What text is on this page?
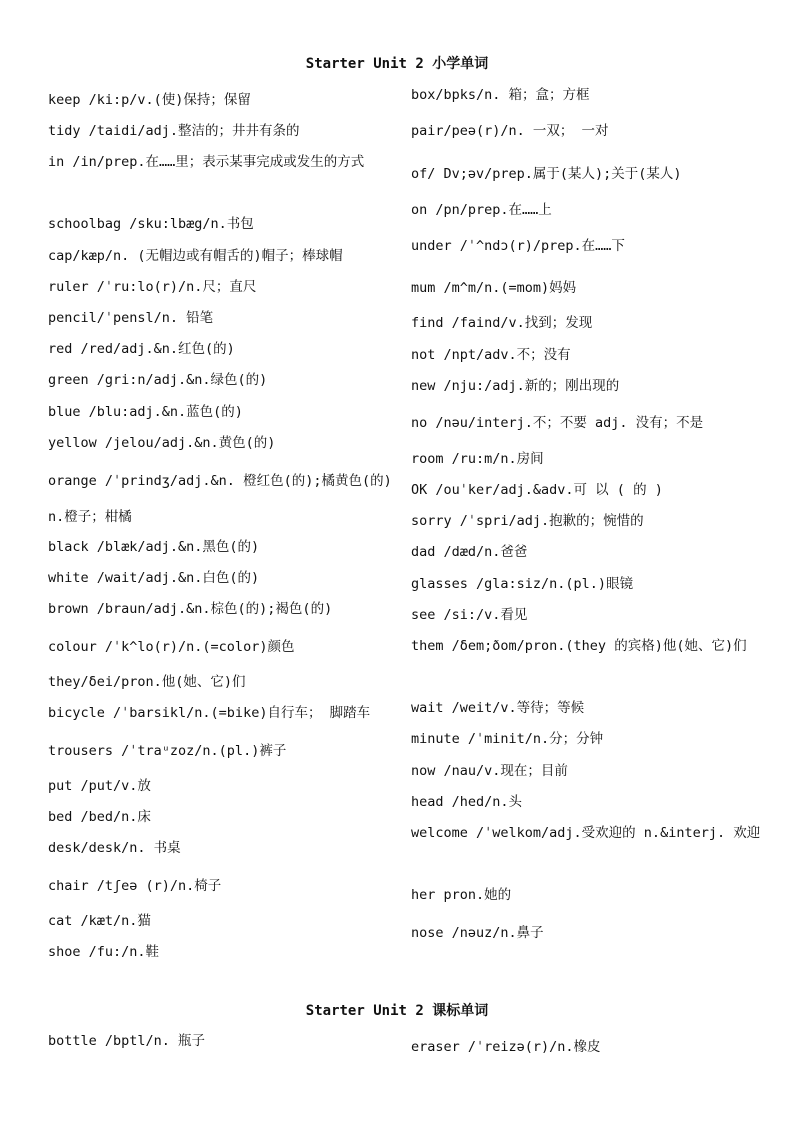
Starter Unit 2 小学单词
keep /ki:p/v.(使)保持；保留
tidy /taidi/adj.整洁的；井井有条的
in /in/prep.在……里；表示某事完成或发生的方式
schoolbag /sku:lbæg/n.书包
cap/kæp/n. (无帽边或有帽舌的)帽子；棒球帽
ruler /ˈru:lo(r)/n.尺；直尺
pencil/ˈpensl/n. 铅笔
red /red/adj.&n.红色(的)
green /gri:n/adj.&n.绿色(的)
blue /blu:adj.&n.蓝色(的)
yellow /jelou/adj.&n.黄色(的)
orange /ˈprindʒ/adj.&n. 橙红色(的);橘黄色(的) n.橙子；柑橘
black /blæk/adj.&n.黑色(的)
white /wait/adj.&n.白色(的)
brown /braun/adj.&n.棕色(的);褐色(的)
colour /ˈk^lo(r)/n.(=color)颜色
they/δei/pron.他(她、它)们
bicycle /ˈbarsikl/n.(=bike)自行车； 脚踏车
trousers /ˈtraᵘzoz/n.(pl.)裤子
put /put/v.放
bed /bed/n.床
desk/desk/n. 书桌
chair /tʃeə (r)/n.椅子
cat /kæt/n.猫
shoe /fu:/n.鞋
box/bpks/n. 箱；盒；方框
pair/peə(r)/n. 一双； 一对
of/ Dv;əv/prep.属于(某人);关于(某人)
on /pn/prep.在……上
under /ˈ^ndɔ(r)/prep.在……下
mum /m^m/n.(=mom)妈妈
find /faind/v.找到；发现
not /npt/adv.不；没有
new /nju:/adj.新的；刚出现的
no /nəu/interj.不；不要 adj. 没有；不是
room /ru:m/n.房间
OK /ouˈker/adj.&adv.可 以 ( 的 )
sorry /ˈspri/adj.抱歉的；惋惜的
dad /dæd/n.爸爸
glasses /gla:siz/n.(pl.)眼镜
see /si:/v.看见
them /δem;ðom/pron.(they 的宾格)他(她、它)们
wait /weit/v.等待；等候
minute /ˈminit/n.分；分钟
now /nau/v.现在；目前
head /hed/n.头
welcome /ˈwelkom/adj.受欢迎的 n.&interj. 欢迎
her pron.她的
nose /nəuz/n.鼻子
Starter Unit 2 课标单词
bottle /bptl/n. 瓶子	eraser /ˈreizə(r)/n.橡皮
